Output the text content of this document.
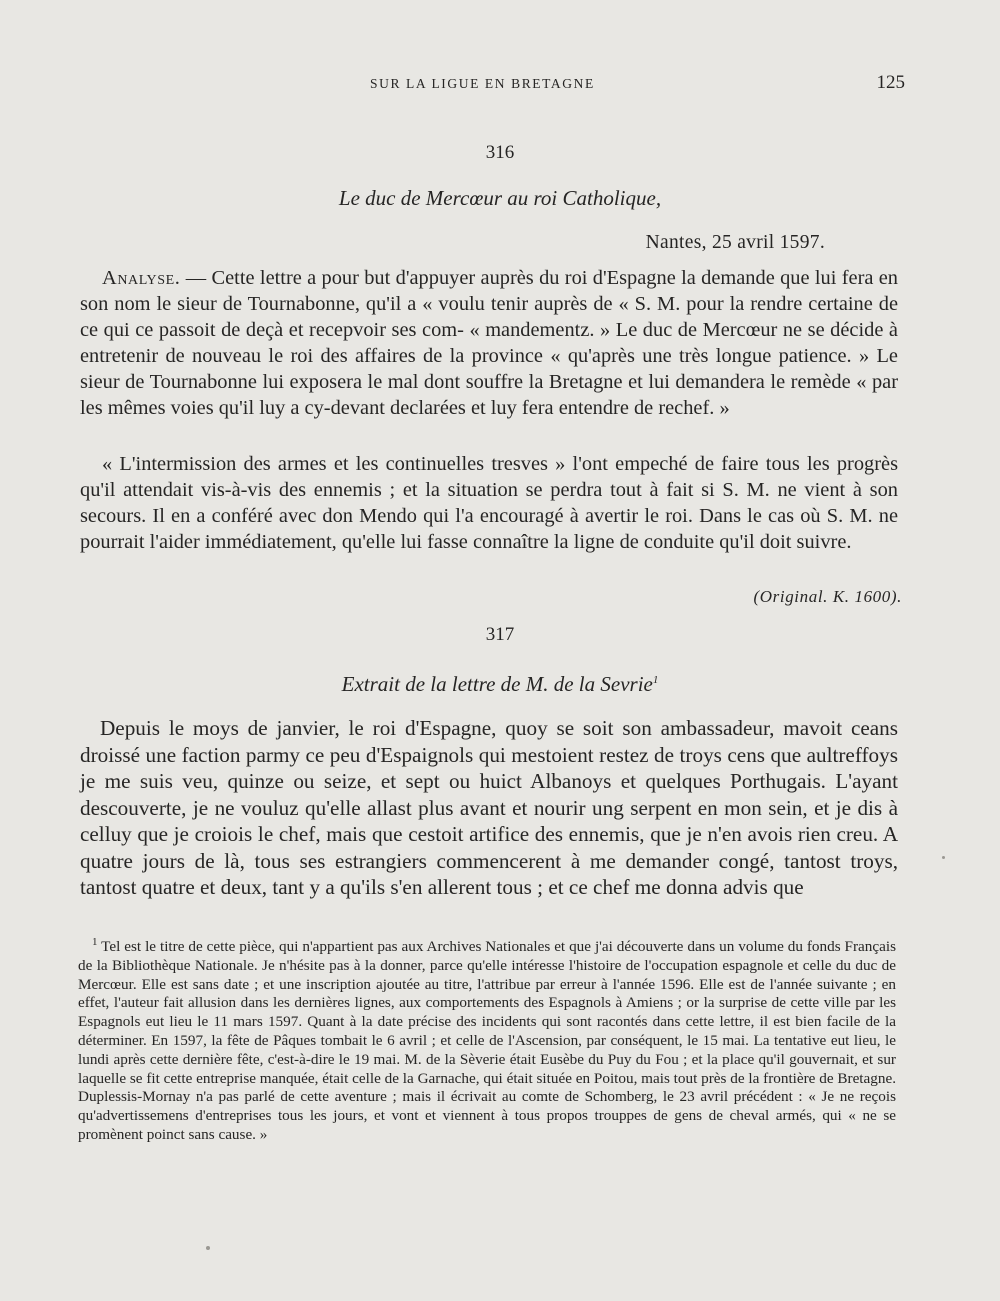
SUR LA LIGUE EN BRETAGNE	125
316
Le duc de Mercœur au roi Catholique,
Nantes, 25 avril 1597.

Analyse. — Cette lettre a pour but d'appuyer auprès du roi d'Espagne la demande que lui fera en son nom le sieur de Tournabonne, qu'il a « voulu tenir auprès de « S. M. pour la rendre certaine de ce qui ce passoit de deçà et recepvoir ses com- « mandementz. » Le duc de Mercœur ne se décide à entretenir de nouveau le roi des affaires de la province « qu'après une très longue patience. » Le sieur de Tournabonne lui exposera le mal dont souffre la Bretagne et lui demandera le remède « par les mêmes voies qu'il luy a cy-devant declarées et luy fera entendre de rechef. »

« L'intermission des armes et les continuelles tresves » l'ont empeché de faire tous les progrès qu'il attendait vis-à-vis des ennemis ; et la situation se perdra tout à fait si S. M. ne vient à son secours. Il en a conféré avec don Mendo qui l'a encouragé à avertir le roi. Dans le cas où S. M. ne pourrait l'aider immédiatement, qu'elle lui fasse connaître la ligne de conduite qu'il doit suivre.

(Original. K. 1600).
317
Extrait de la lettre de M. de la Sevrie$^1$

Depuis le moys de janvier, le roi d'Espagne, quoy se soit son ambassadeur, mavoit ceans droissé une faction parmy ce peu d'Espaignols qui mestoient restez de troys cens que aultreffoys je me suis veu, quinze ou seize, et sept ou huict Albanoys et quelques Porthugais. L'ayant descouverte, je ne vouluz qu'elle allast plus avant et nourir ung serpent en mon sein, et je dis à celluy que je croiois le chef, mais que cestoit artifice des ennemis, que je n'en avois rien creu. A quatre jours de là, tous ses estrangiers commencerent à me demander congé, tantost troys, tantost quatre et deux, tant y a qu'ils s'en allerent tous ; et ce chef me donna advis que

$^1$ Tel est le titre de cette pièce, qui n'appartient pas aux Archives Nationales et que j'ai découverte dans un volume du fonds Français de la Bibliothèque Nationale. Je n'hésite pas à la donner, parce qu'elle intéresse l'histoire de l'occupation espagnole et celle du duc de Mercœur. Elle est sans date ; et une inscription ajoutée au titre, l'attribue par erreur à l'année 1596. Elle est de l'année suivante ; en effet, l'auteur fait allusion dans les dernières lignes, aux comportements des Espagnols à Amiens ; or la surprise de cette ville par les Espagnols eut lieu le 11 mars 1597. Quant à la date précise des incidents qui sont racontés dans cette lettre, il est bien facile de la déterminer. En 1597, la fête de Pâques tombait le 6 avril ; et celle de l'Ascension, par conséquent, le 15 mai. La tentative eut lieu, le lundi après cette dernière fête, c'est-à-dire le 19 mai. M. de la Sèverie était Eusèbe du Puy du Fou ; et la place qu'il gouvernait, et sur laquelle se fit cette entreprise manquée, était celle de la Garnache, qui était située en Poitou, mais tout près de la frontière de Bretagne. Duplessis-Mornay n'a pas parlé de cette aventure ; mais il écrivait au comte de Schomberg, le 23 avril précédent : « Je ne reçois qu'advertissemens d'entreprises tous les jours, et vont et viennent à tous propos trouppes de gens de cheval armés, qui « ne se promènent poinct sans cause. »
